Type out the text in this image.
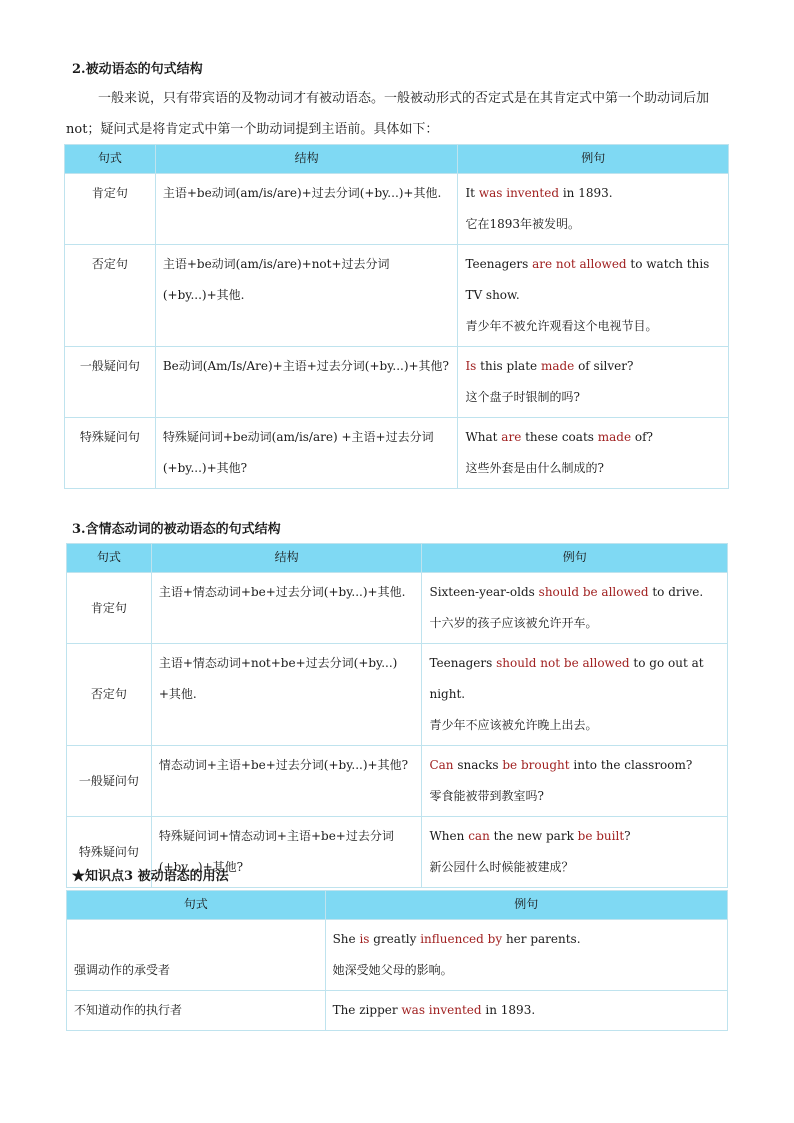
2.被动语态的句式结构

一般来说，只有带宾语的及物动词才有被动语态。一般被动形式的否定式是在其肯定式中第一个助动词后加not；疑问式是将肯定式中第一个助动词提到主语前。具体如下：

句式	结构	例句
肯定句	主语+be动词(am/is/are)+过去分词(+by...)+其他.	It was invented in 1893.
它在1893年被发明。

否定句	主语+be动词(am/is/are)+not+过去分词(+by...)+其他.	Teenagers are not allowed to watch this TV show.
青少年不被允许观看这个电视节目。

一般疑问句	Be动词(Am/Is/Are)+主语+过去分词(+by...)+其他?	Is this plate made of silver?
这个盘子时银制的吗?

特殊疑问句	特殊疑问词+be动词(am/is/are) +主语+过去分词(+by...)+其他?	What are these coats made of?
这些外套是由什么制成的?
3.含情态动词的被动语态的句式结构
句式	结构	例句
肯定句	主语+情态动词+be+过去分词(+by...)+其他.	Sixteen-year-olds should be allowed to drive.
十六岁的孩子应该被允许开车。

否定句	主语+情态动词+not+be+过去分词(+by...) +其他.	Teenagers should not be allowed to go out at night.
青少年不应该被允许晚上出去。

一般疑问句	情态动词+主语+be+过去分词(+by...)+其他?	Can snacks be brought into the classroom?
零食能被带到教室吗?

特殊疑问句	特殊疑问词+情态动词+主语+be+过去分词(+by...)+其他?	When can the new park be built?
新公园什么时候能被建成？
★知识点3 被动语态的用法
句式	例句
强调动作的承受者	She is greatly influenced by her parents.
她深受她父母的影响。

不知道动作的执行者	The zipper was invented in 1893.
